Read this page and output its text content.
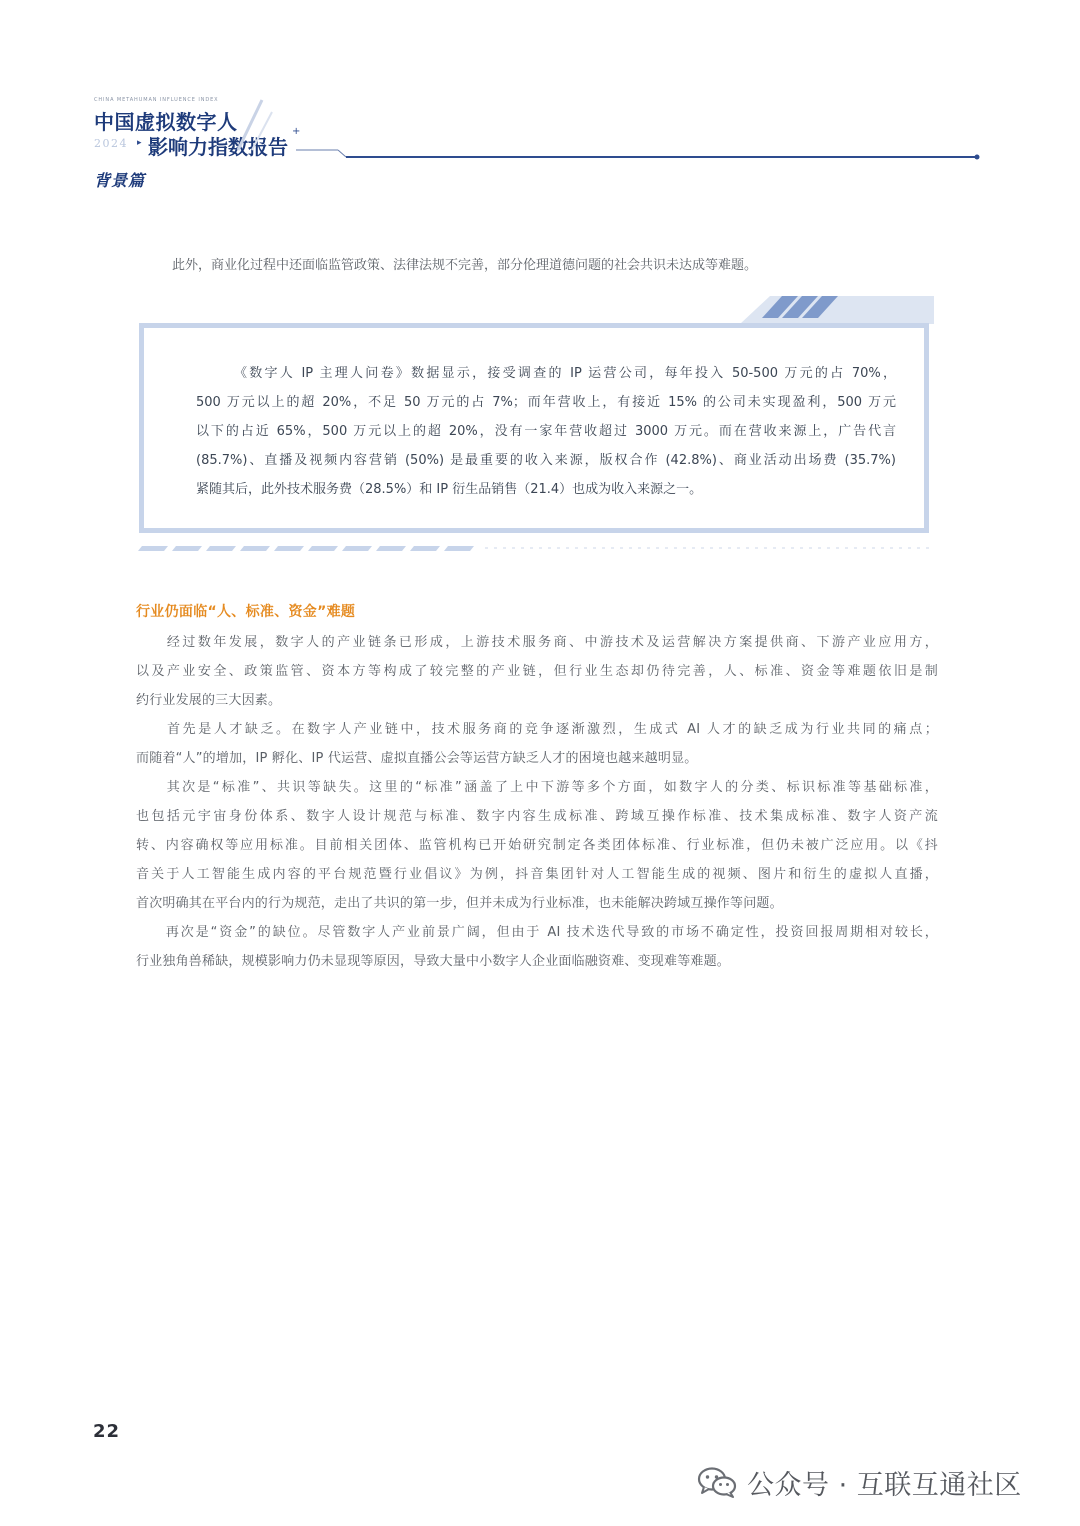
CHINA METAHUMAN INFLUENCE INDEX
中国虚拟数字人
2024 ▸ 影响力指数报告
+
背景篇
此外，商业化过程中还面临监管政策、法律法规不完善，部分伦理道德问题的社会共识未达成等难题。
《数字人 IP 主理人问卷》数据显示，接受调查的 IP 运营公司，每年投入 50-500 万元的占 70%，
500 万元以上的超 20%，不足 50 万元的占 7%；而年营收上，有接近 15% 的公司未实现盈利，500 万元
以下的占近 65%，500 万元以上的超 20%，没有一家年营收超过 3000 万元。而在营收来源上，广告代言
(85.7%)、直播及视频内容营销 (50%) 是最重要的收入来源，版权合作 (42.8%)、商业活动出场费 (35.7%)
紧随其后，此外技术服务费（28.5%）和 IP 衍生品销售（21.4）也成为收入来源之一。
行业仍面临“人、标准、资金”难题
　　经过数年发展，数字人的产业链条已形成，上游技术服务商、中游技术及运营解决方案提供商、下游产业应用方，
以及产业安全、政策监管、资本方等构成了较完整的产业链，但行业生态却仍待完善，人、标准、资金等难题依旧是制
约行业发展的三大因素。
　　首先是人才缺乏。在数字人产业链中，技术服务商的竞争逐渐激烈，生成式 AI 人才的缺乏成为行业共同的痛点；
而随着“人”的增加，IP 孵化、IP 代运营、虚拟直播公会等运营方缺乏人才的困境也越来越明显。
　　其次是“标准”、共识等缺失。这里的“标准”涵盖了上中下游等多个方面，如数字人的分类、标识标准等基础标准，
也包括元宇宙身份体系、数字人设计规范与标准、数字内容生成标准、跨域互操作标准、技术集成标准、数字人资产流
转、内容确权等应用标准。目前相关团体、监管机构已开始研究制定各类团体标准、行业标准，但仍未被广泛应用。以《抖
音关于人工智能生成内容的平台规范暨行业倡议》为例，抖音集团针对人工智能生成的视频、图片和衍生的虚拟人直播，
首次明确其在平台内的行为规范，走出了共识的第一步，但并未成为行业标准，也未能解决跨域互操作等问题。
　　再次是“资金”的缺位。尽管数字人产业前景广阔，但由于 AI 技术迭代导致的市场不确定性，投资回报周期相对较长，
行业独角兽稀缺，规模影响力仍未显现等原因，导致大量中小数字人企业面临融资难、变现难等难题。
22
公众号 · 互联互通社区
